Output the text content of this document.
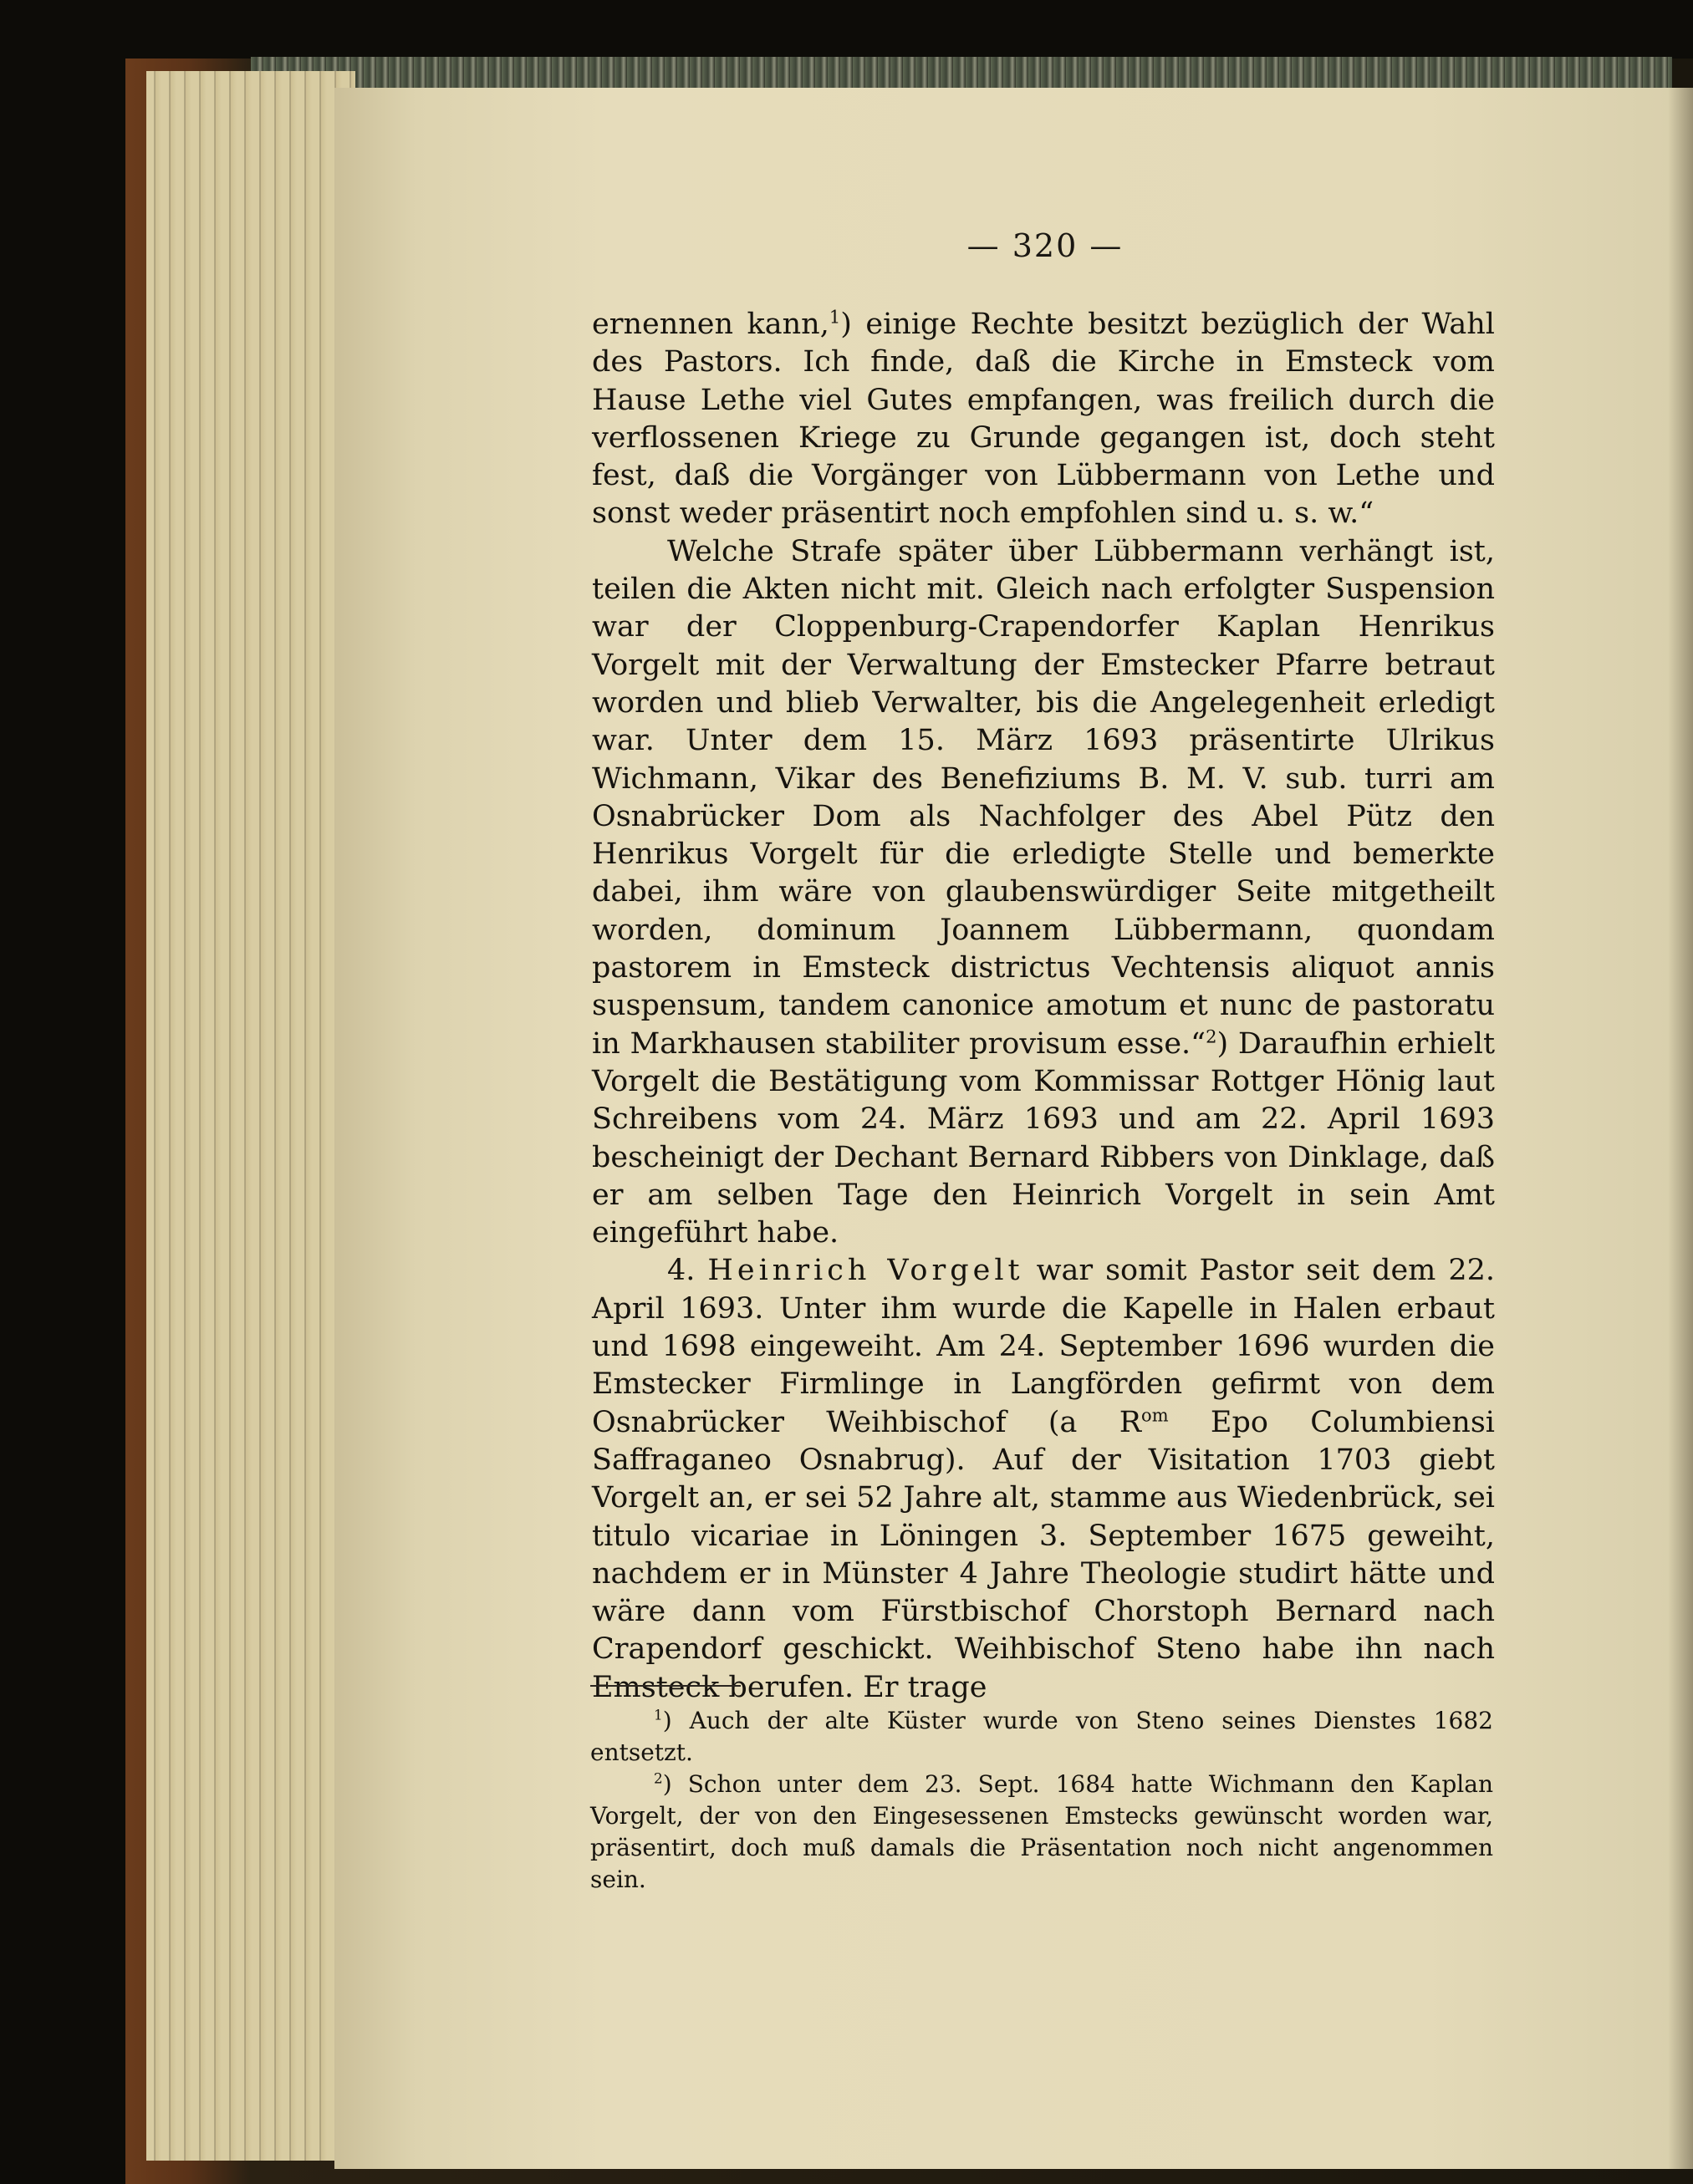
— 320 —

ernennen kann,$^1$) einige Rechte besitzt bezüglich der Wahl des Pastors. Ich finde, daß die Kirche in Emsteck vom Hause Lethe viel Gutes empfangen, was freilich durch die verflossenen Kriege zu Grunde gegangen ist, doch steht fest, daß die Vorgänger von Lübbermann von Lethe und sonst weder präsentirt noch empfohlen sind u. s. w.“

Welche Strafe später über Lübbermann verhängt ist, teilen die Akten nicht mit. Gleich nach erfolgter Suspension war der Cloppenburg-Crapendorfer Kaplan Henrikus Vorgelt mit der Verwaltung der Emstecker Pfarre betraut worden und blieb Verwalter, bis die Angelegenheit erledigt war. Unter dem 15. März 1693 präsentirte Ulrikus Wichmann, Vikar des Benefiziums B. M. V. sub. turri am Osnabrücker Dom als Nachfolger des Abel Pütz den Henrikus Vorgelt für die erledigte Stelle und bemerkte dabei, ihm wäre von glaubenswürdiger Seite mitgetheilt worden, dominum Joannem Lübbermann, quondam pastorem in Emsteck districtus Vechtensis aliquot annis suspensum, tandem canonice amotum et nunc de pastoratu in Markhausen stabiliter provisum esse.“$^2$) Daraufhin erhielt Vorgelt die Bestätigung vom Kommissar Rottger Hönig laut Schreibens vom 24. März 1693 und am 22. April 1693 bescheinigt der Dechant Bernard Ribbers von Dinklage, daß er am selben Tage den Heinrich Vorgelt in sein Amt eingeführt habe.

4. Heinrich Vorgelt war somit Pastor seit dem 22. April 1693. Unter ihm wurde die Kapelle in Halen erbaut und 1698 eingeweiht. Am 24. September 1696 wurden die Emstecker Firmlinge in Langförden gefirmt von dem Osnabrücker Weihbischof (a $R^{om}$ Epo Columbiensi Saffraganeo Osnabrug). Auf der Visitation 1703 giebt Vorgelt an, er sei 52 Jahre alt, stamme aus Wiedenbrück, sei titulo vicariae in Löningen 3. September 1675 geweiht, nachdem er in Münster 4 Jahre Theologie studirt hätte und wäre dann vom Fürstbischof Chorstoph Bernard nach Crapendorf geschickt. Weihbischof Steno habe ihn nach Emsteck berufen. Er trage

$^1$) Auch der alte Küster wurde von Steno seines Dienstes 1682 entsetzt.

$^2$) Schon unter dem 23. Sept. 1684 hatte Wichmann den Kaplan Vorgelt, der von den Eingesessenen Emstecks gewünscht worden war, präsentirt, doch muß damals die Präsentation noch nicht angenommen sein.
